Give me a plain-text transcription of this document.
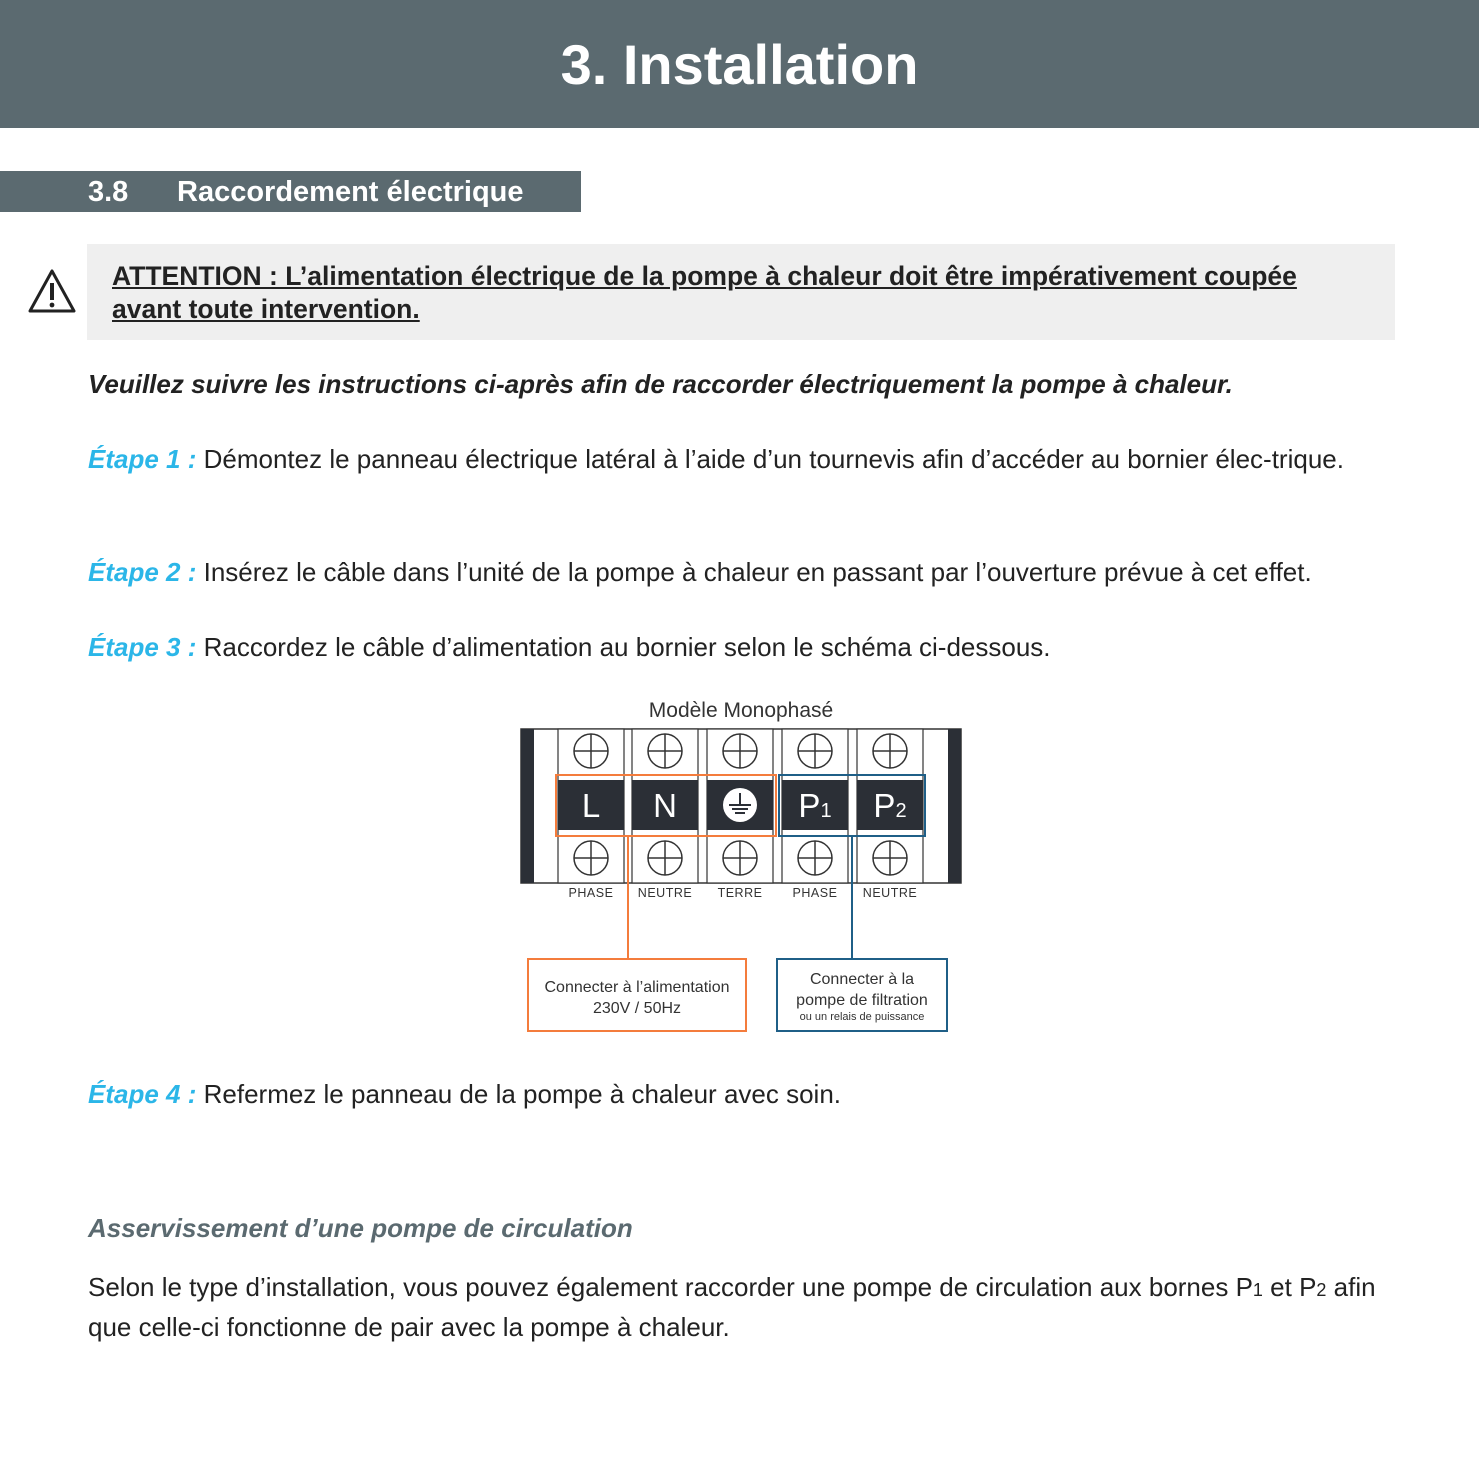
3. Installation
3.8 Raccordement électrique

ATTENTION : L’alimentation électrique de la pompe à chaleur doit être impérativement coupée avant toute intervention.

Veuillez suivre les instructions ci-après afin de raccorder électriquement la pompe à chaleur.
Étape 1 : Démontez le panneau électrique latéral à l’aide d’un tournevis afin d’accéder au bornier élec-trique.
Étape 2 : Insérez le câble dans l’unité de la pompe à chaleur en passant par l’ouverture prévue à cet effet.
Étape 3 : Raccordez le câble d’alimentation au bornier selon le schéma ci-dessous.
Modèle Monophasé
L
PHASE
N
NEUTRE TERRE
P1
PHASE
P2
NEUTRE
Connecter à l’alimentation
230V / 50Hz
Connecter à la
pompe de filtration
ou un relais de puissance
Étape 4 : Refermez le panneau de la pompe à chaleur avec soin.
Asservissement d’une pompe de circulation
Selon le type d’installation, vous pouvez également raccorder une pompe de circulation aux bornes P1 et P2 afin que celle-ci fonctionne de pair avec la pompe à chaleur.
